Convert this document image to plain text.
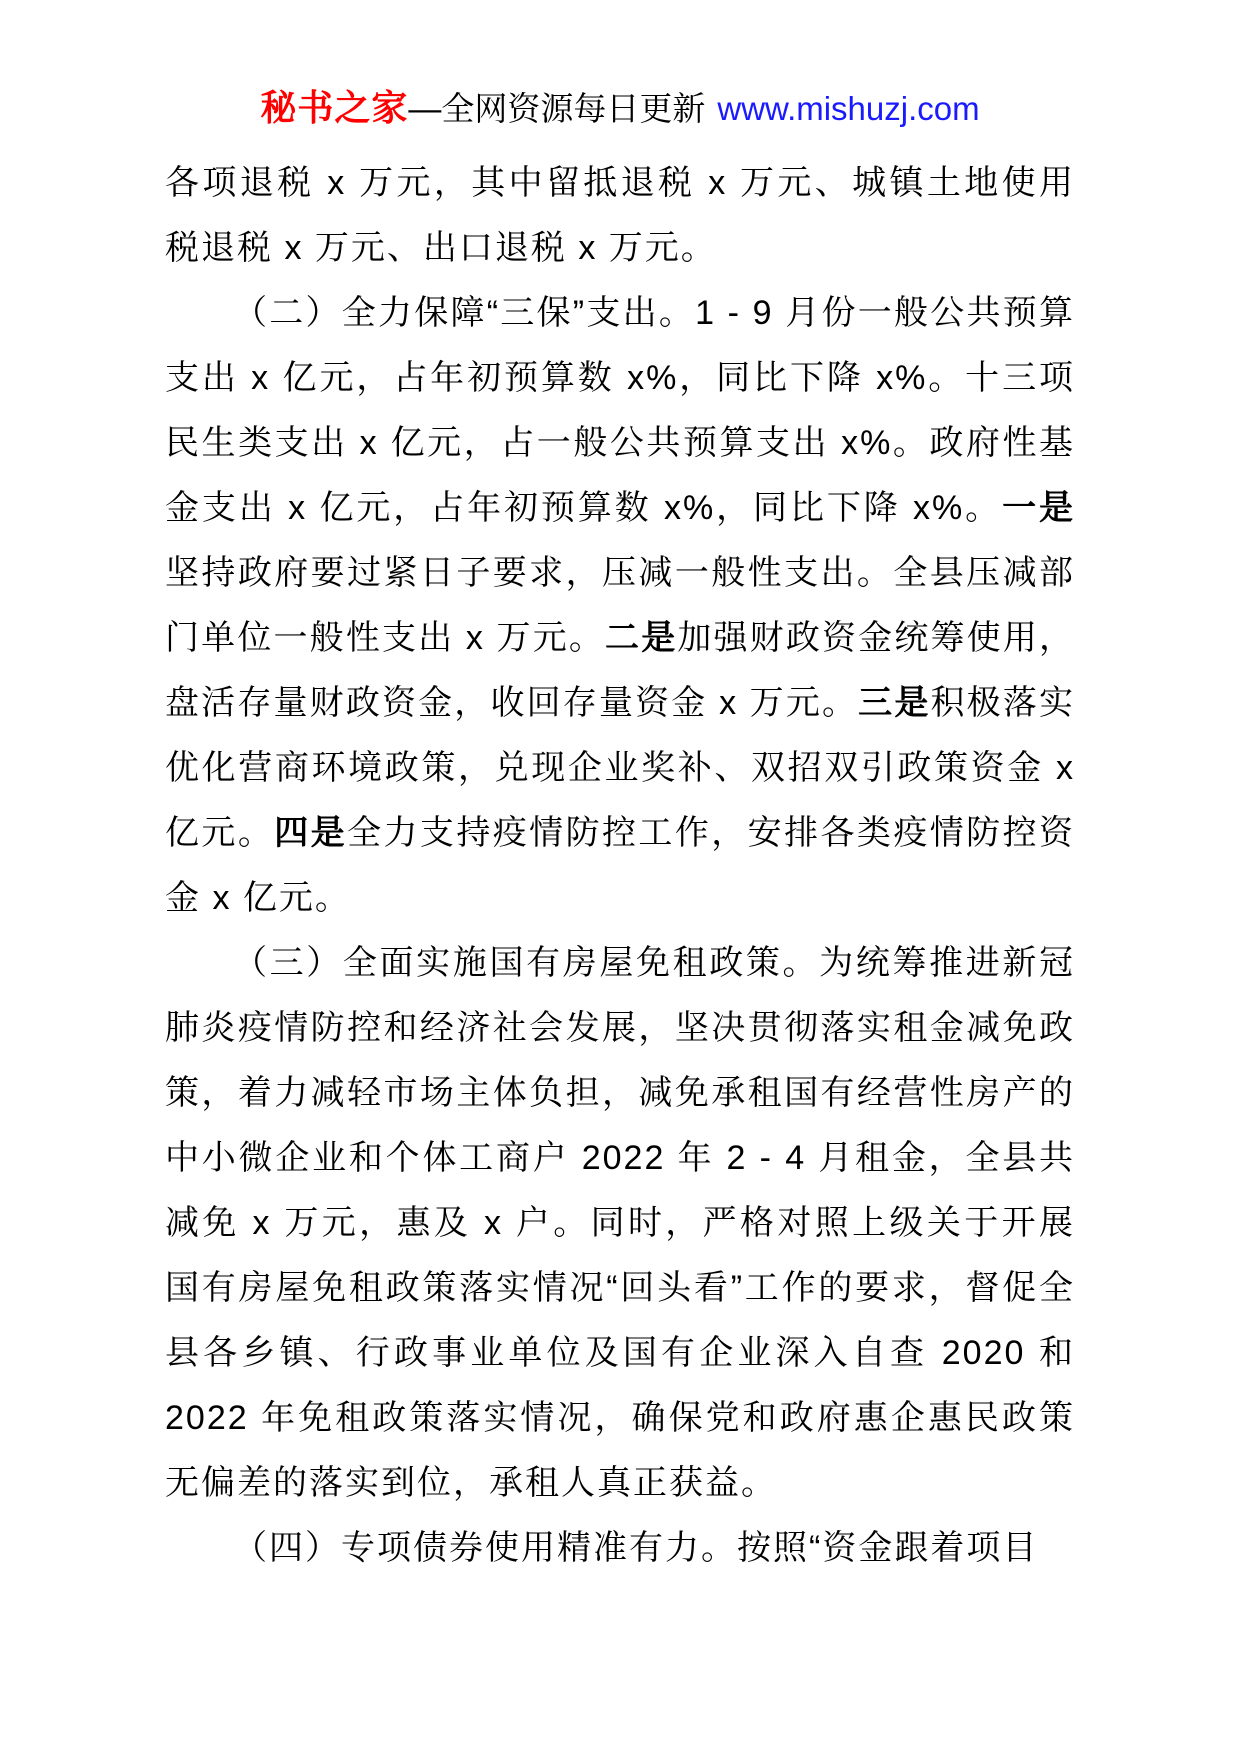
秘书之家—全网资源每日更新 www.mishuzj.com

各项退税 x 万元，其中留抵退税 x 万元、城镇土地使用税退税 x 万元、出口退税 x 万元。

（二）全力保障“三保”支出。1 - 9 月份一般公共预算支出 x 亿元，占年初预算数 x%，同比下降 x%。十三项民生类支出 x 亿元，占一般公共预算支出 x%。政府性基金支出 x 亿元，占年初预算数 x%，同比下降 x%。一是坚持政府要过紧日子要求，压减一般性支出。全县压减部门单位一般性支出 x 万元。二是加强财政资金统筹使用，盘活存量财政资金，收回存量资金 x 万元。三是积极落实优化营商环境政策，兑现企业奖补、双招双引政策资金 x 亿元。四是全力支持疫情防控工作，安排各类疫情防控资金 x 亿元。

（三）全面实施国有房屋免租政策。为统筹推进新冠肺炎疫情防控和经济社会发展，坚决贯彻落实租金减免政策，着力减轻市场主体负担，减免承租国有经营性房产的中小微企业和个体工商户 2022 年 2 - 4 月租金，全县共减免 x 万元，惠及 x 户。同时，严格对照上级关于开展国有房屋免租政策落实情况“回头看”工作的要求，督促全县各乡镇、行政事业单位及国有企业深入自查 2020 和 2022 年免租政策落实情况，确保党和政府惠企惠民政策无偏差的落实到位，承租人真正获益。

（四）专项债券使用精准有力。按照“资金跟着项目
